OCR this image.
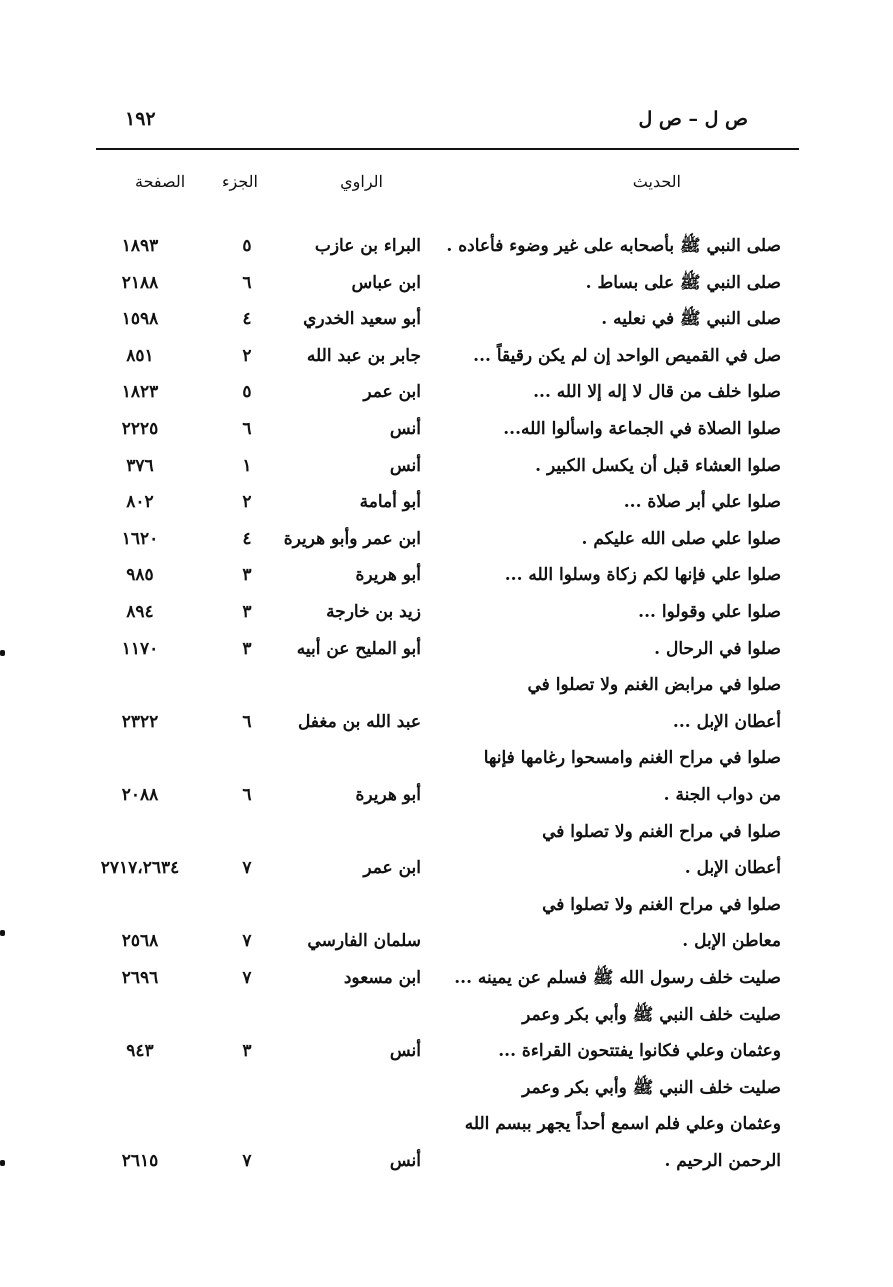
١٩٢	ص ل – ص ل
الحديث
الراوي
الجزء
الصفحة
صلى النبي ﷺ بأصحابه على غير وضوء فأعاده .
البراء بن عازب
٥
١٨٩٣
صلى النبي ﷺ على بساط .
ابن عباس
٦
٢١٨٨
صلى النبي ﷺ في نعليه .
أبو سعيد الخدري
٤
١٥٩٨
صل في القميص الواحد إن لم يكن رقيقاً ...
جابر بن عبد الله
٢
٨٥١
صلوا خلف من قال لا إله إلا الله ...
ابن عمر
٥
١٨٢٣
صلوا الصلاة في الجماعة واسألوا الله...
أنس
٦
٢٢٢٥
صلوا العشاء قبل أن يكسل الكبير .
أنس
١
٣٧٦
صلوا علي أبر صلاة ...
أبو أمامة
٢
٨٠٢
صلوا علي صلى الله عليكم .
ابن عمر وأبو هريرة
٤
١٦٢٠
صلوا علي فإنها لكم زكاة وسلوا الله ...
أبو هريرة
٣
٩٨٥
صلوا علي وقولوا ...
زيد بن خارجة
٣
٨٩٤
صلوا في الرحال .
أبو المليح عن أبيه
٣
١١٧٠
صلوا في مرابض الغنم ولا تصلوا في
أعطان الإبل ...
عبد الله بن مغفل
٦
٢٣٢٢
صلوا في مراح الغنم وامسحوا رغامها فإنها
من دواب الجنة .
أبو هريرة
٦
٢٠٨٨
صلوا في مراح الغنم ولا تصلوا في
أعطان الإبل .
ابن عمر
٧
٢٧١٧،٢٦٣٤
صلوا في مراح الغنم ولا تصلوا في
معاطن الإبل .
سلمان الفارسي
٧
٢٥٦٨
صليت خلف رسول الله ﷺ فسلم عن يمينه ...
ابن مسعود
٧
٢٦٩٦
صليت خلف النبي ﷺ وأبي بكر وعمر
وعثمان وعلي فكانوا يفتتحون القراءة ...
أنس
٣
٩٤٣
صليت خلف النبي ﷺ وأبي بكر وعمر
وعثمان وعلي فلم اسمع أحداً يجهر ببسم الله
الرحمن الرحيم .
أنس
٧
٢٦١٥
